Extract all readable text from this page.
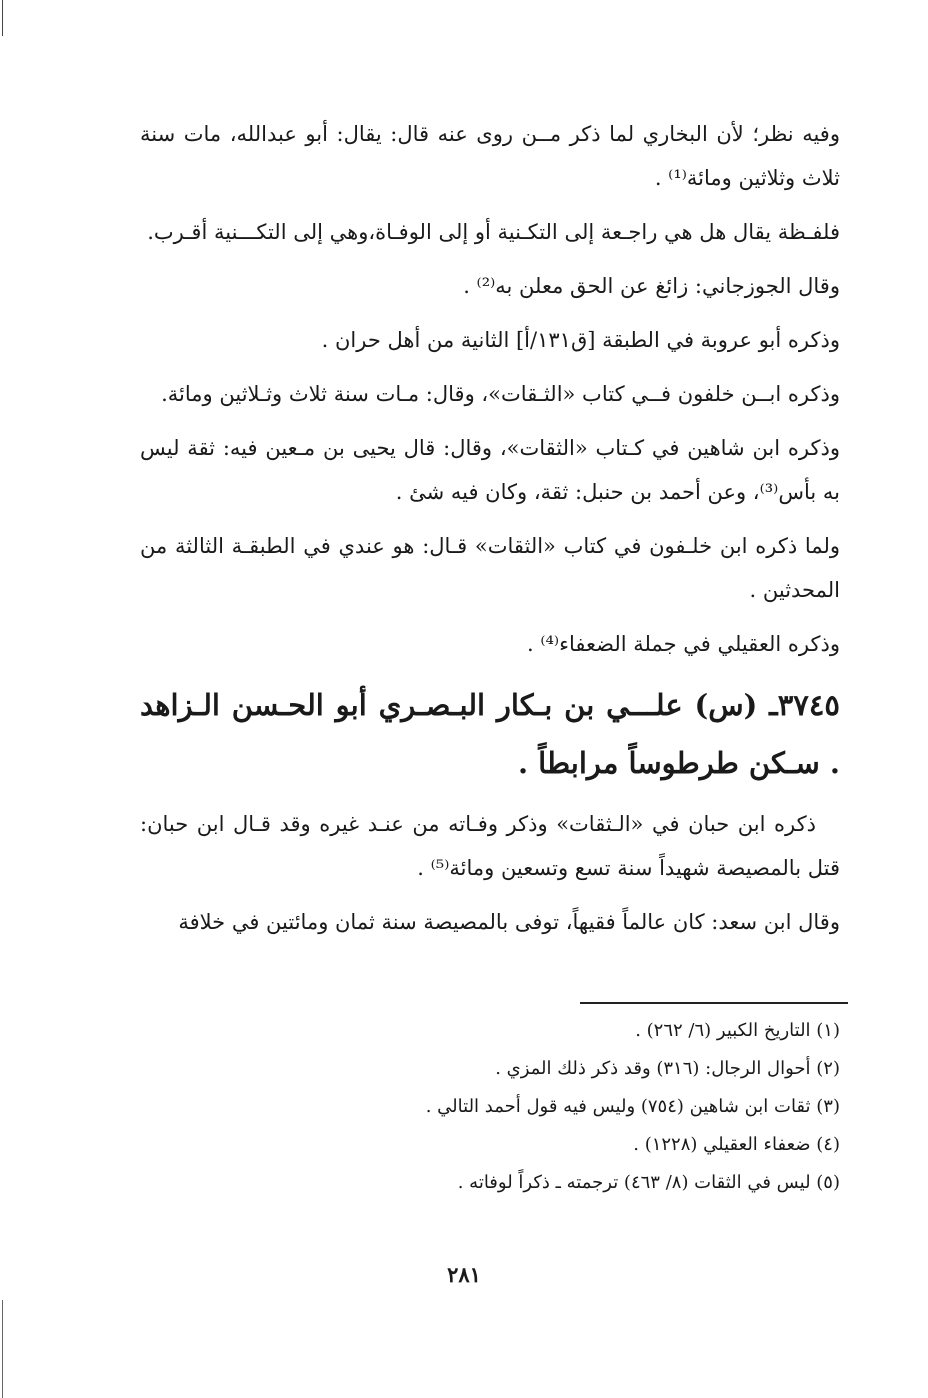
وفيه نظر؛ لأن البخاري لما ذكر مــن روى عنه قال: يقال: أبو عبدالله، مات سنة ثلاث وثلاثين ومائة⁽¹⁾ .

فلفـظة يقال هل هي راجـعة إلى التكـنية أو إلى الوفـاة،وهي إلى التكـــنية أقـرب.

وقال الجوزجاني: زائغ عن الحق معلن به⁽²⁾ .

وذكره أبو عروبة في الطبقة [ق١٣١/أ] الثانية من أهل حران .

وذكره ابــن خلفون فــي كتاب «الثـقات»، وقال: مـات سنة ثلاث وثـلاثين ومائة.

وذكره ابن شاهين في كـتاب «الثقات»، وقال: قال يحيى بن مـعين فيه: ثقة ليس به بأس⁽³⁾، وعن أحمد بن حنبل: ثقة، وكان فيه شئ .

ولما ذكره ابن خلـفون في كتاب «الثقات» قـال: هو عندي في الطبقـة الثالثة من المحدثين .

وذكره العقيلي في جملة الضعفاء⁽⁴⁾ .

٣٧٤٥ـ (س) علـــي بن بـكار البـصـري أبو الحـسن الـزاهد . سـكن طرطوساً مرابطاً .

ذكره ابن حبان في «الـثقات» وذكر وفـاته من عنـد غيره وقد قـال ابن حبان: قتل بالمصيصة شهيداً سنة تسع وتسعين ومائة⁽⁵⁾ .

وقال ابن سعد: كان عالماً فقيهاً، توفى بالمصيصة سنة ثمان ومائتين في خلافة

(١) التاريخ الكبير (٦/ ٢٦٢) .

(٢) أحوال الرجال: (٣١٦) وقد ذكر ذلك المزي .

(٣) ثقات ابن شاهين (٧٥٤) وليس فيه قول أحمد التالي .

(٤) ضعفاء العقيلي (١٢٢٨) .

(٥) ليس في الثقات (٨/ ٤٦٣) ترجمته ـ ذكراً لوفاته .

٢٨١
